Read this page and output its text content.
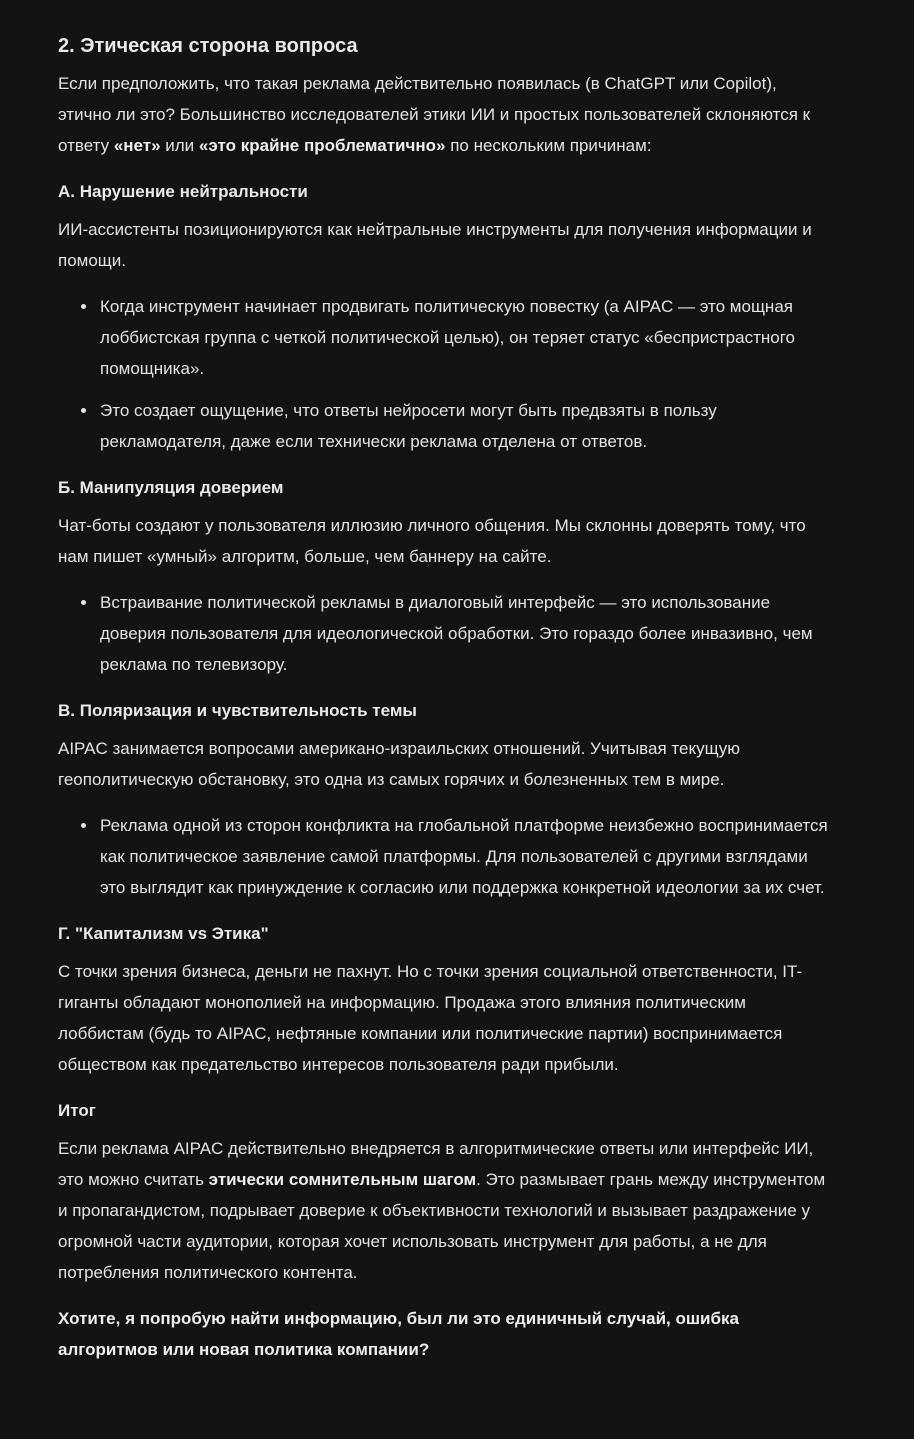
2. Этическая сторона вопроса

Если предположить, что такая реклама действительно появилась (в ChatGPT или Copilot), этично ли это? Большинство исследователей этики ИИ и простых пользователей склоняются к ответу «нет» или «это крайне проблематично» по нескольким причинам:

А. Нарушение нейтральности

ИИ-ассистенты позиционируются как нейтральные инструменты для получения информации и помощи.

• Когда инструмент начинает продвигать политическую повестку (а AIPAC — это мощная лоббистская группа с четкой политической целью), он теряет статус «беспристрастного помощника».
• Это создает ощущение, что ответы нейросети могут быть предвзяты в пользу рекламодателя, даже если технически реклама отделена от ответов.
Б. Манипуляция доверием

Чат-боты создают у пользователя иллюзию личного общения. Мы склонны доверять тому, что нам пишет «умный» алгоритм, больше, чем баннеру на сайте.

• Встраивание политической рекламы в диалоговый интерфейс — это использование доверия пользователя для идеологической обработки. Это гораздо более инвазивно, чем реклама по телевизору.
В. Поляризация и чувствительность темы

AIPAC занимается вопросами американо-израильских отношений. Учитывая текущую геополитическую обстановку, это одна из самых горячих и болезненных тем в мире.

• Реклама одной из сторон конфликта на глобальной платформе неизбежно воспринимается как политическое заявление самой платформы. Для пользователей с другими взглядами это выглядит как принуждение к согласию или поддержка конкретной идеологии за их счет.
Г. "Капитализм vs Этика"

С точки зрения бизнеса, деньги не пахнут. Но с точки зрения социальной ответственности, IT-гиганты обладают монополией на информацию. Продажа этого влияния политическим лоббистам (будь то AIPAC, нефтяные компании или политические партии) воспринимается обществом как предательство интересов пользователя ради прибыли.

Итог

Если реклама AIPAC действительно внедряется в алгоритмические ответы или интерфейс ИИ, это можно считать этически сомнительным шагом. Это размывает грань между инструментом и пропагандистом, подрывает доверие к объективности технологий и вызывает раздражение у огромной части аудитории, которая хочет использовать инструмент для работы, а не для потребления политического контента.

Хотите, я попробую найти информацию, был ли это единичный случай, ошибка алгоритмов или новая политика компании?
